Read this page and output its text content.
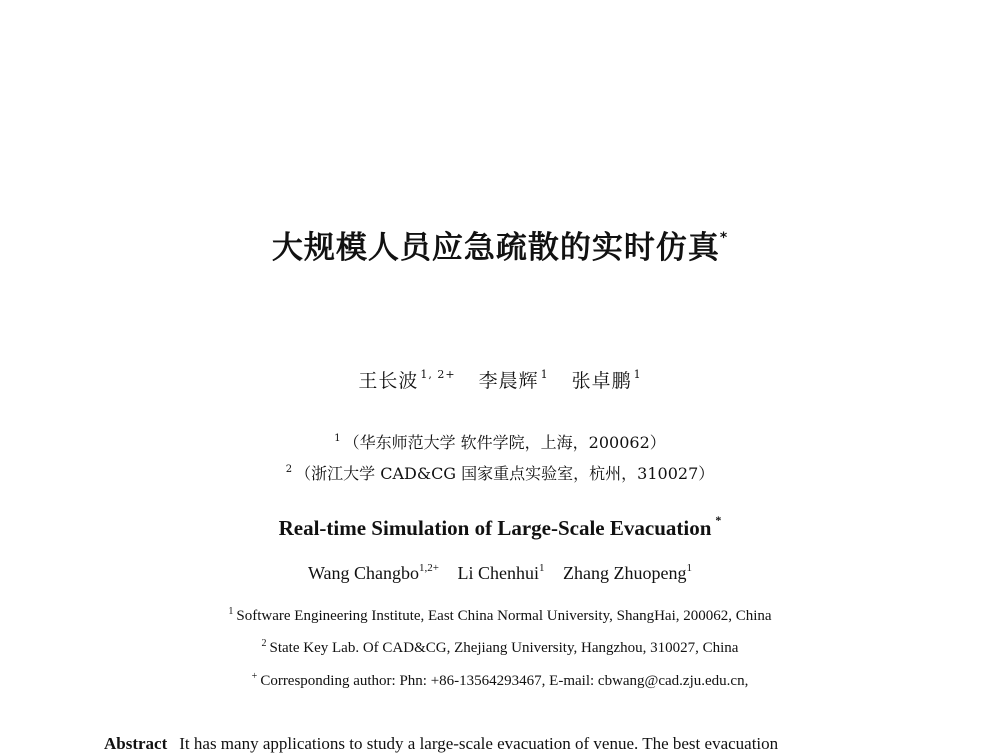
大规模人员应急疏散的实时仿真*
王长波 $^{1, 2+}$ 李晨辉 $^1$ 张卓鹏 $^1$
$^1$ （华东师范大学 软件学院，上海，200062）
$^2$ （浙江大学 CAD&CG 国家重点实验室，杭州，310027）
Real-time Simulation of Large-Scale Evacuation *
Wang Changbo$^{1,2+}$ Li Chenhui$^1$ Zhang Zhuopeng$^1$
$^1$ Software Engineering Institute, East China Normal University, ShangHai, 200062, China
$^2$ State Key Lab. Of CAD&CG, Zhejiang University, Hangzhou, 310027, China
+ Corresponding author: Phn: +86-13564293467, E-mail: cbwang@cad.zju.edu.cn,
Abstract It has many applications to study a large-scale evacuation of venue. The best evacuation
